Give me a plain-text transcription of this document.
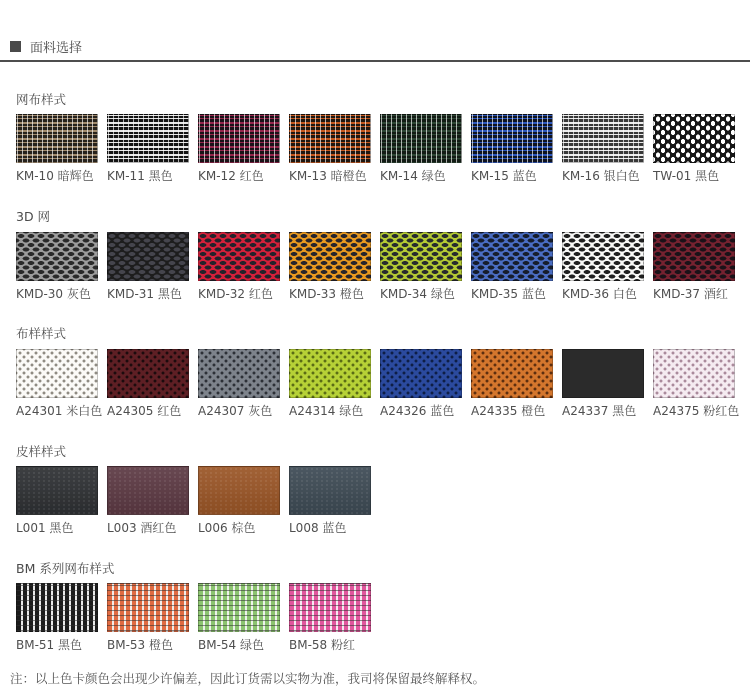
面料选择
网布样式
KM-10 暗辉色	KM-11 黑色	KM-12 红色	KM-13 暗橙色	KM-14 绿色	KM-15 蓝色	KM-16 银白色	TW-01 黑色
3D 网
KMD-30 灰色	KMD-31 黑色	KMD-32 红色	KMD-33 橙色	KMD-34 绿色	KMD-35 蓝色	KMD-36 白色	KMD-37 酒红
布样样式
A24301 米白色 A24305 红色	A24307 灰色	A24314 绿色	A24326 蓝色	A24335 橙色	A24337 黑色	A24375 粉红色
皮样样式
L001 黑色	L003 酒红色	L006 棕色	L008 蓝色
BM 系列网布样式
BM-51 黑色	BM-53 橙色	BM-54 绿色	BM-58 粉红

注：以上色卡颜色会出现少许偏差，因此订货需以实物为准，我司将保留最终解释权。
